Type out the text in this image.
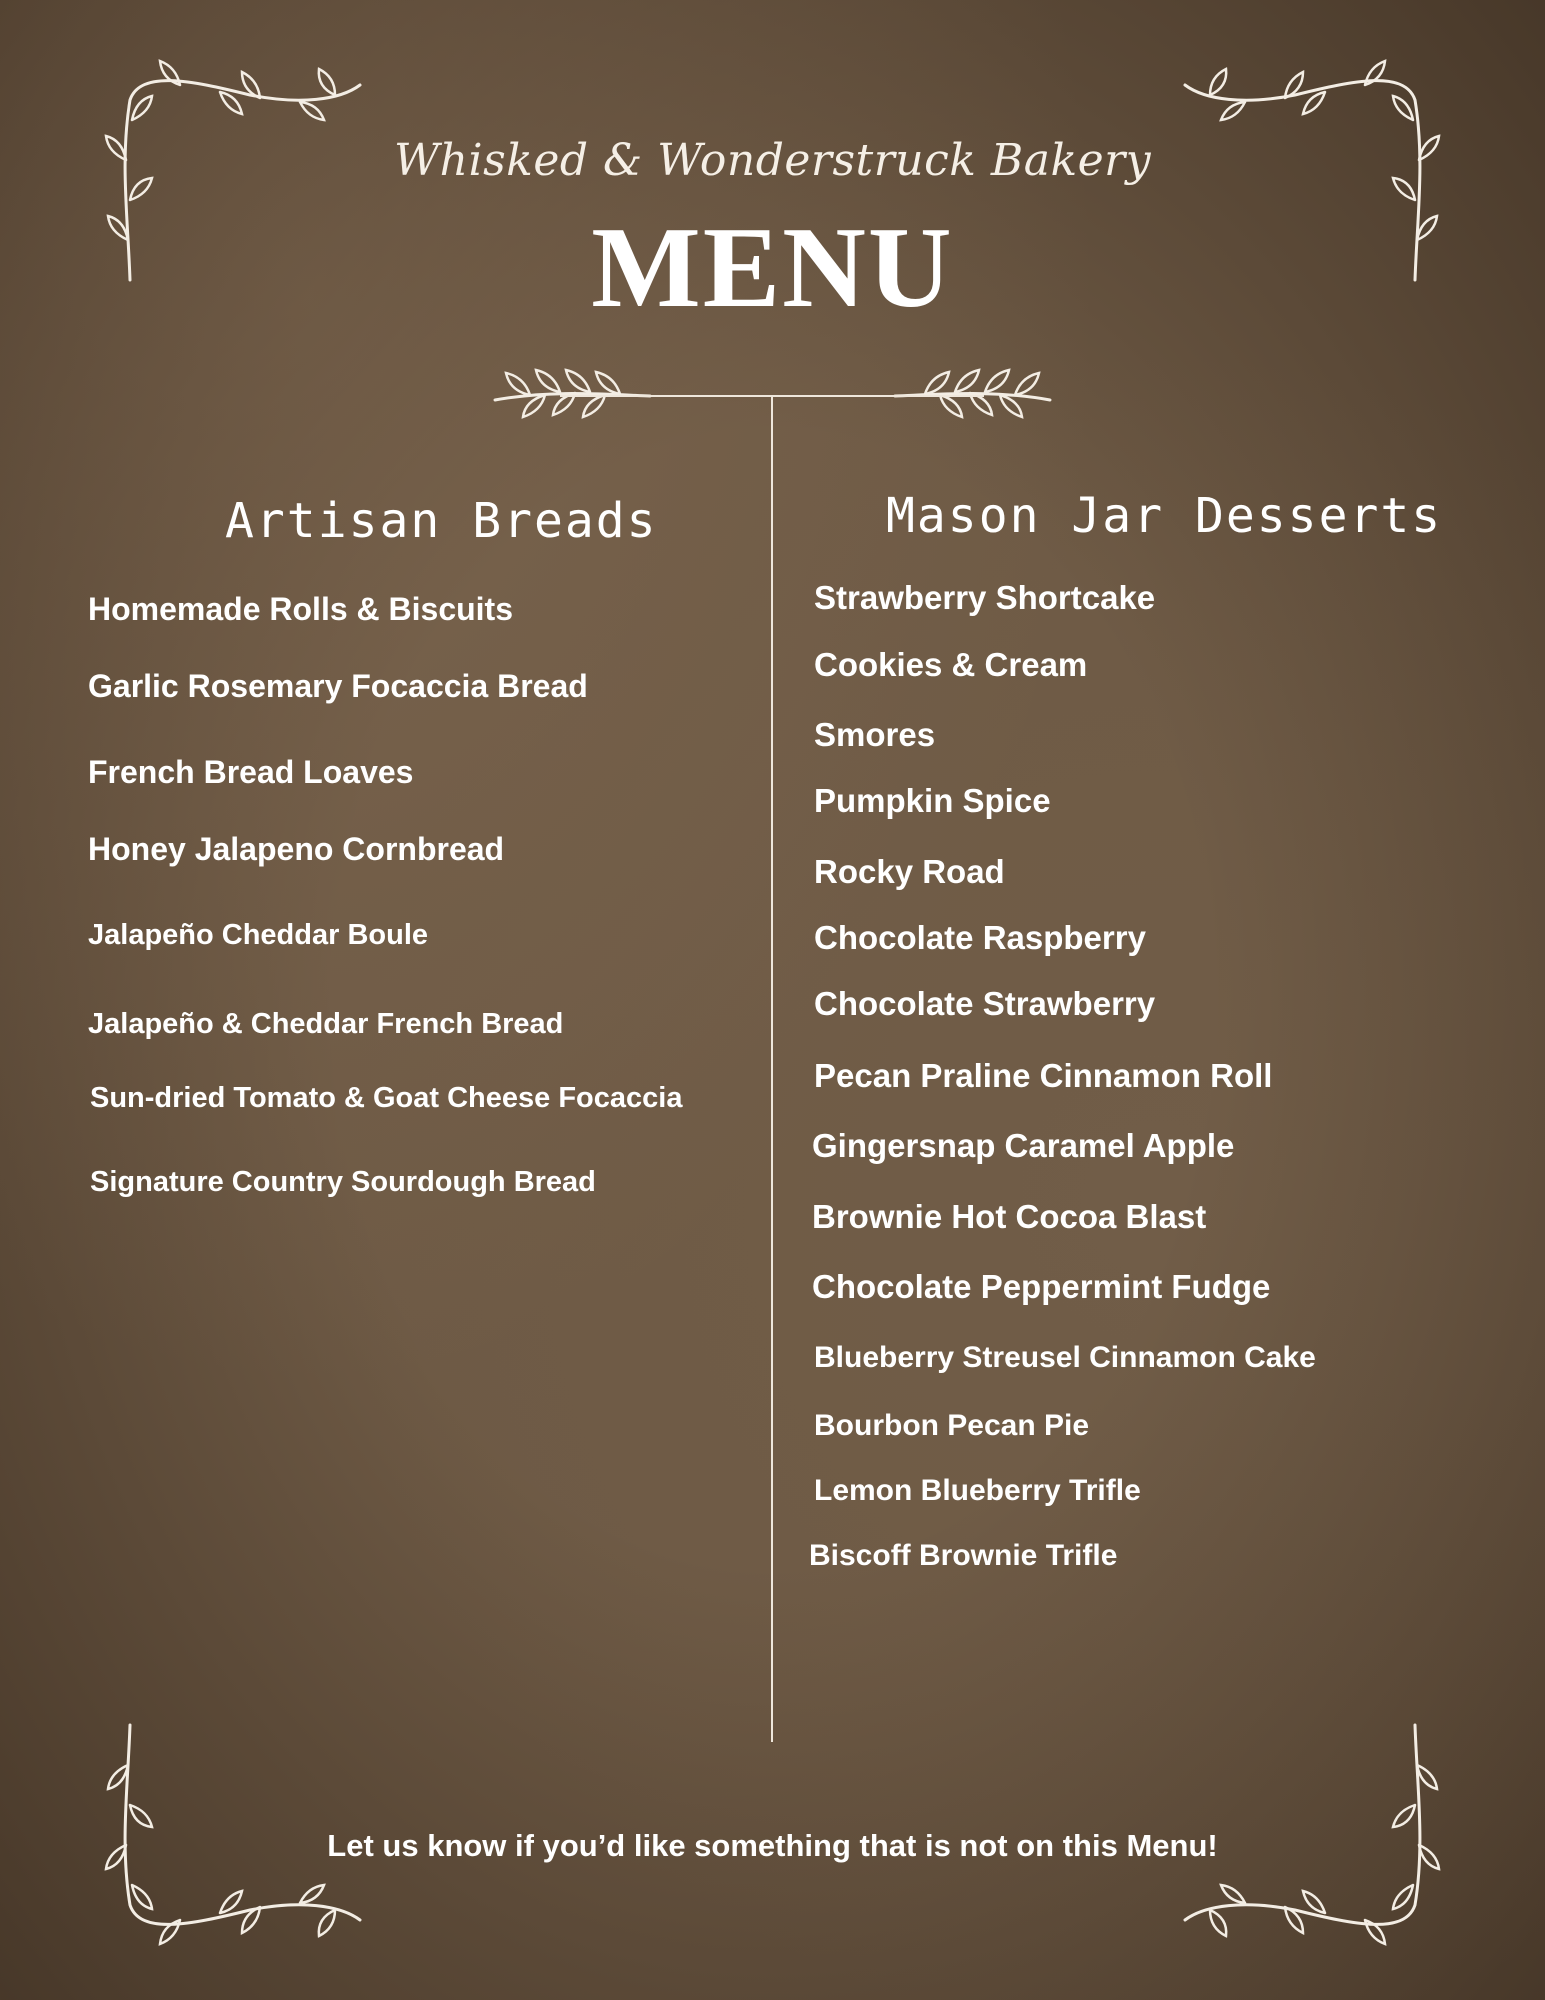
Whisked & Wonderstruck Bakery
MENU
Artisan Breads
Homemade Rolls & Biscuits
Garlic Rosemary Focaccia Bread
French Bread Loaves
Honey Jalapeno Cornbread
Jalapeño Cheddar Boule
Jalapeño & Cheddar French Bread
Sun-dried Tomato & Goat Cheese Focaccia
Signature Country Sourdough Bread
Mason Jar Desserts
Strawberry Shortcake
Cookies & Cream
Smores
Pumpkin Spice
Rocky Road
Chocolate Raspberry
Chocolate Strawberry
Pecan Praline Cinnamon Roll
Gingersnap Caramel Apple
Brownie Hot Cocoa Blast
Chocolate Peppermint Fudge
Blueberry Streusel Cinnamon Cake
Bourbon Pecan Pie
Lemon Blueberry Trifle
Biscoff Brownie Trifle
Let us know if you’d like something that is not on this Menu!
